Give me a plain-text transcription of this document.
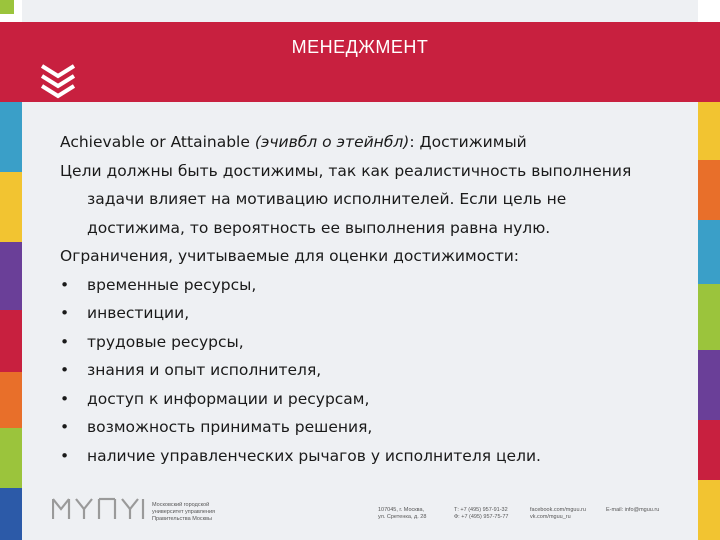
МЕНЕДЖМЕНТ
Achievable or Attainable (эчивбл о этейнбл): Достижимый
Цели должны быть достижимы, так как реалистичность выполнения
задачи влияет на мотивацию исполнителей. Если цель не
достижима, то вероятность ее выполнения равна нулю.
Ограничения, учитываемые для оценки достижимости:
•	временные ресурсы,
•	инвестиции,
•	трудовые ресурсы,
•	знания и опыт исполнителя,
•	доступ к информации и ресурсам,
•	возможность принимать решения,
•	наличие управленческих рычагов у исполнителя цели.
Московский городской
университет управления
Правительства Москвы
107045, г. Москва,
ул. Сретенка, д. 28
Т: +7 (495) 957-91-32
Ф: +7 (495) 957-75-77
facebook.com/mguu.ru
vk.com/mguu_ru
E-mail: info@mguu.ru
